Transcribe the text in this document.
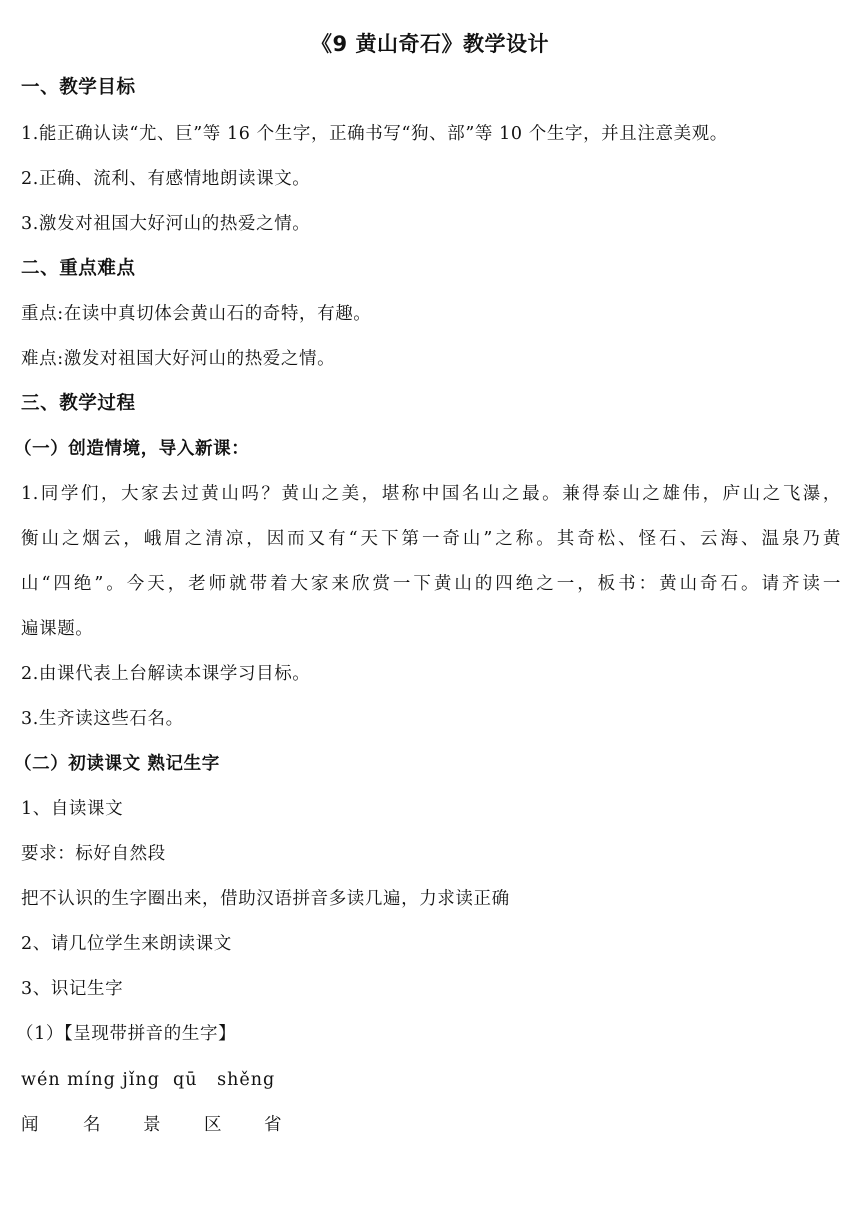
《9 黄山奇石》教学设计
一、教学目标
1.能正确认读“尤、巨”等 16 个生字，正确书写“狗、部”等 10 个生字，并且注意美观。
2.正确、流利、有感情地朗读课文。
3.激发对祖国大好河山的热爱之情。
二、重点难点
重点:在读中真切体会黄山石的奇特，有趣。
难点:激发对祖国大好河山的热爱之情。
三、教学过程
（一）创造情境，导入新课：
1.同学们，大家去过黄山吗？黄山之美，堪称中国名山之最。兼得泰山之雄伟，庐山之飞瀑，
衡山之烟云，峨眉之清凉，因而又有“天下第一奇山”之称。其奇松、怪石、云海、温泉乃黄
山“四绝”。今天，老师就带着大家来欣赏一下黄山的四绝之一，板书：黄山奇石。请齐读一
遍课题。
2.由课代表上台解读本课学习目标。
3.生齐读这些石名。
（二）初读课文 熟记生字
1、自读课文
要求：标好自然段
把不认识的生字圈出来，借助汉语拼音多读几遍，力求读正确
2、请几位学生来朗读课文
3、识记生字
（1）【呈现带拼音的生字】
wén míng jǐng  qū   shěng
闻	名 景 区 省
